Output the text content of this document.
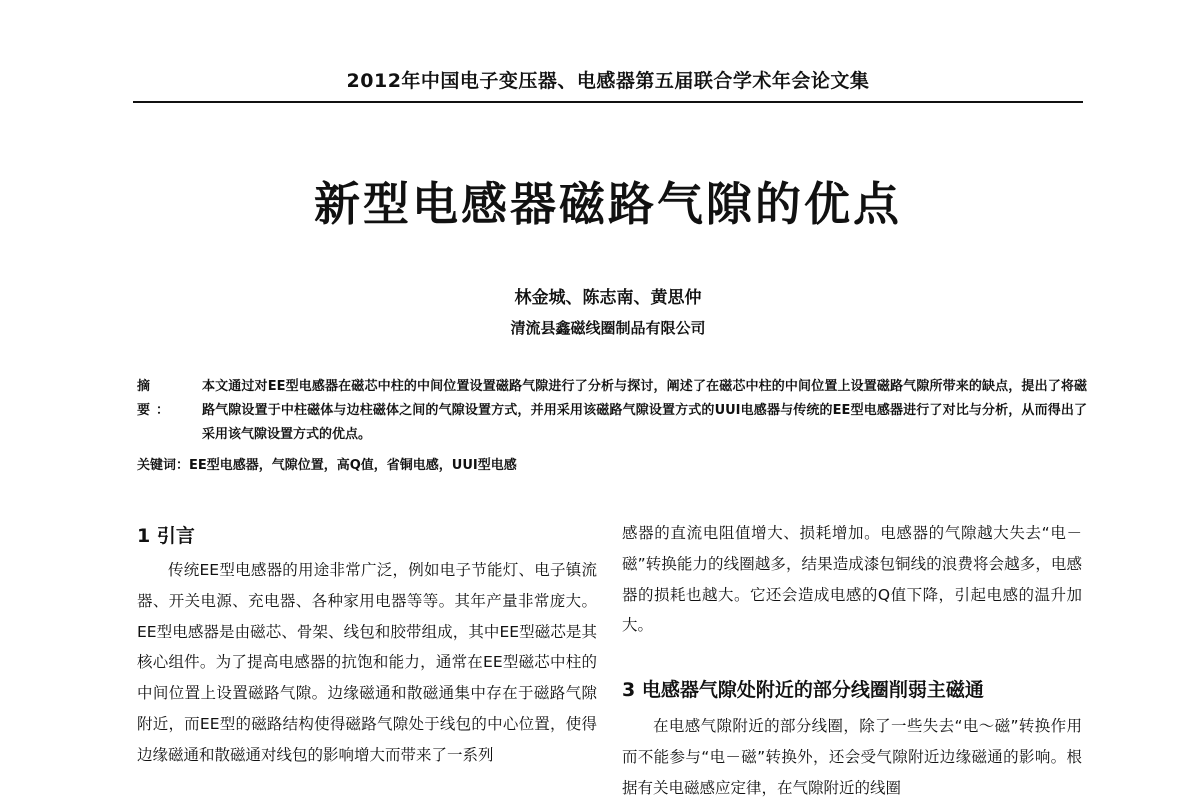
2012年中国电子变压器、电感器第五届联合学术年会论文集
新型电感器磁路气隙的优点
林金城、陈志南、黄思仲
清流县鑫磁线圈制品有限公司
摘 要：
本文通过对EE型电感器在磁芯中柱的中间位置设置磁路气隙进行了分析与探讨，阐述了在磁芯中柱的中间位置上设置磁路气隙所带来的缺点，提出了将磁路气隙设置于中柱磁体与边柱磁体之间的气隙设置方式，并用采用该磁路气隙设置方式的UUI电感器与传统的EE型电感器进行了对比与分析，从而得出了采用该气隙设置方式的优点。
关键词：EE型电感器，气隙位置，高Q值，省铜电感，UUI型电感
1 引言

传统EE型电感器的用途非常广泛，例如电子节能灯、电子镇流器、开关电源、充电器、各种家用电器等等。其年产量非常庞大。EE型电感器是由磁芯、骨架、线包和胶带组成，其中EE型磁芯是其核心组件。为了提高电感器的抗饱和能力，通常在EE型磁芯中柱的中间位置上设置磁路气隙。边缘磁通和散磁通集中存在于磁路气隙附近，而EE型的磁路结构使得磁路气隙处于线包的中心位置，使得边缘磁通和散磁通对线包的影响增大而带来了一系列

感器的直流电阻值增大、损耗增加。电感器的气隙越大失去“电－磁”转换能力的线圈越多，结果造成漆包铜线的浪费将会越多，电感器的损耗也越大。它还会造成电感的Q值下降，引起电感的温升加大。

3 电感器气隙处附近的部分线圈削弱主磁通

在电感气隙附近的部分线圈，除了一些失去“电～磁”转换作用而不能参与“电－磁”转换外，还会受气隙附近边缘磁通的影响。根据有关电磁感应定律，在气隙附近的线圈
